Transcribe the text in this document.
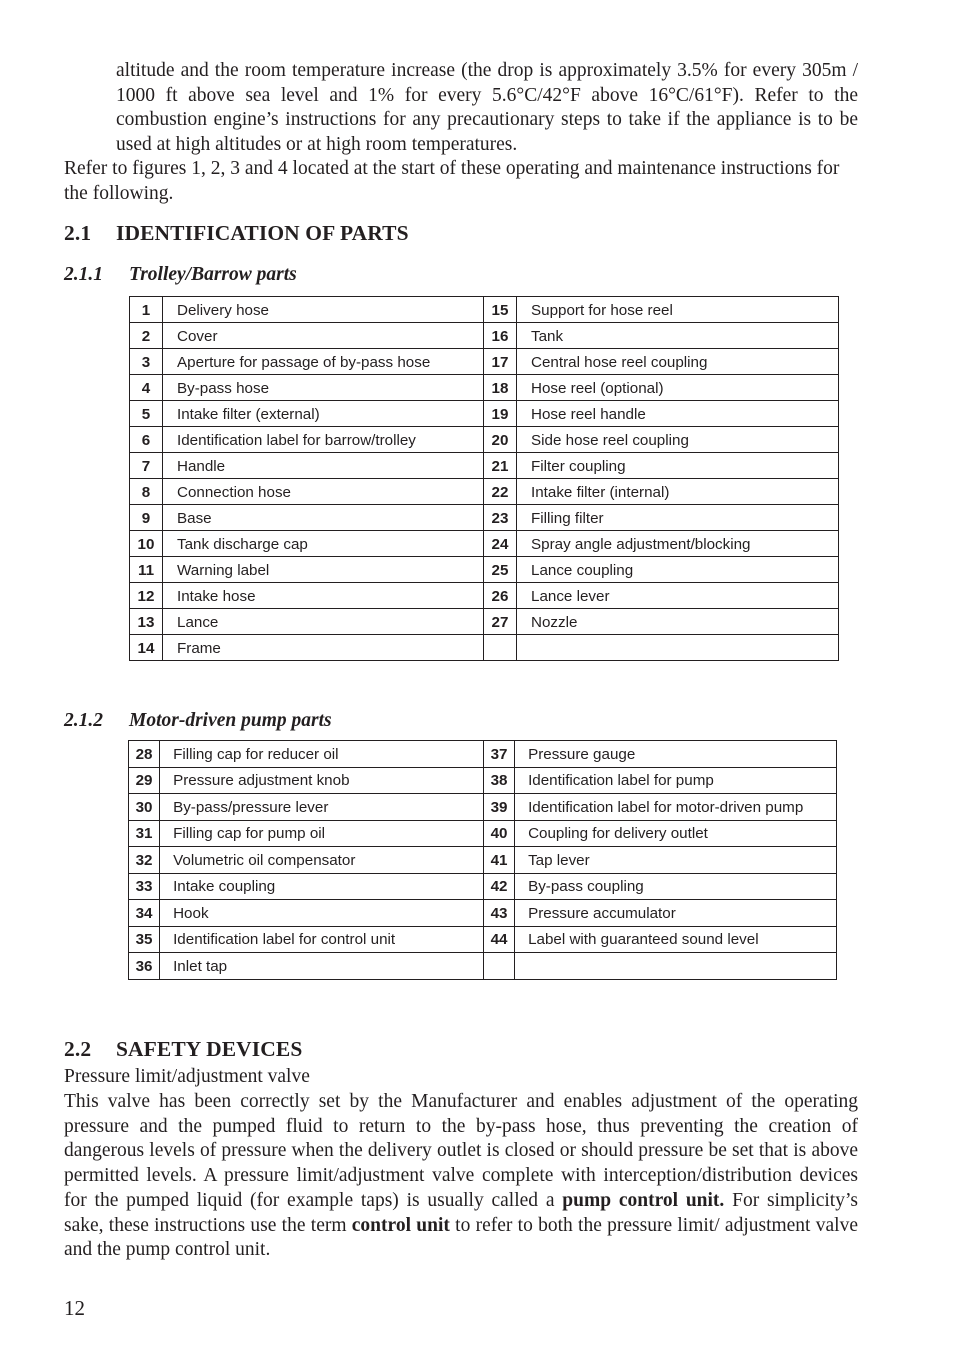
altitude and the room temperature increase (the drop is approximately 3.5% for every 305m / 1000 ft above sea level and 1% for every 5.6°C/42°F above 16°C/61°F). Refer to the combustion engine’s instructions for any precautionary steps to take if the appliance is to be used at high altitudes or at high room temperatures.

Refer to figures 1, 2, 3 and 4 located at the start of these operating and maintenance instructions for the following.

2.1 IDENTIFICATION OF PARTS
2.1.1 Trolley/Barrow parts
1	Delivery hose	15	Support for hose reel
2	Cover	16	Tank
3	Aperture for passage of by-pass hose	17	Central hose reel coupling
4	By-pass hose	18	Hose reel (optional)
5	Intake filter (external)	19	Hose reel handle
6	Identification label for barrow/trolley	20	Side hose reel coupling
7	Handle	21	Filter coupling
8	Connection hose	22	Intake filter (internal)
9	Base	23	Filling filter
10	Tank discharge cap	24	Spray angle adjustment/blocking
11	Warning label	25	Lance coupling
12	Intake hose	26	Lance lever
13	Lance	27	Nozzle
14	Frame		
2.1.2 Motor-driven pump parts
28	Filling cap for reducer oil	37	Pressure gauge
29	Pressure adjustment knob	38	Identification label for pump
30	By-pass/pressure lever	39	Identification label for motor-driven pump
31	Filling cap for pump oil	40	Coupling for delivery outlet
32	Volumetric oil compensator	41	Tap lever
33	Intake coupling	42	By-pass coupling
34	Hook	43	Pressure accumulator
35	Identification label for control unit	44	Label with guaranteed sound level
36	Inlet tap		
2.2 SAFETY DEVICES
Pressure limit/adjustment valve

This valve has been correctly set by the Manufacturer and enables adjustment of the operating pressure and the pumped fluid to return to the by-pass hose, thus preventing the creation of dangerous levels of pressure when the delivery outlet is closed or should pressure be set that is above permitted levels. A pressure limit/adjustment valve complete with interception/distribution devices for the pumped liquid (for example taps) is usually called a pump control unit. For simplicity’s sake, these instructions use the term control unit to refer to both the pressure limit/ adjustment valve and the pump control unit.

12
